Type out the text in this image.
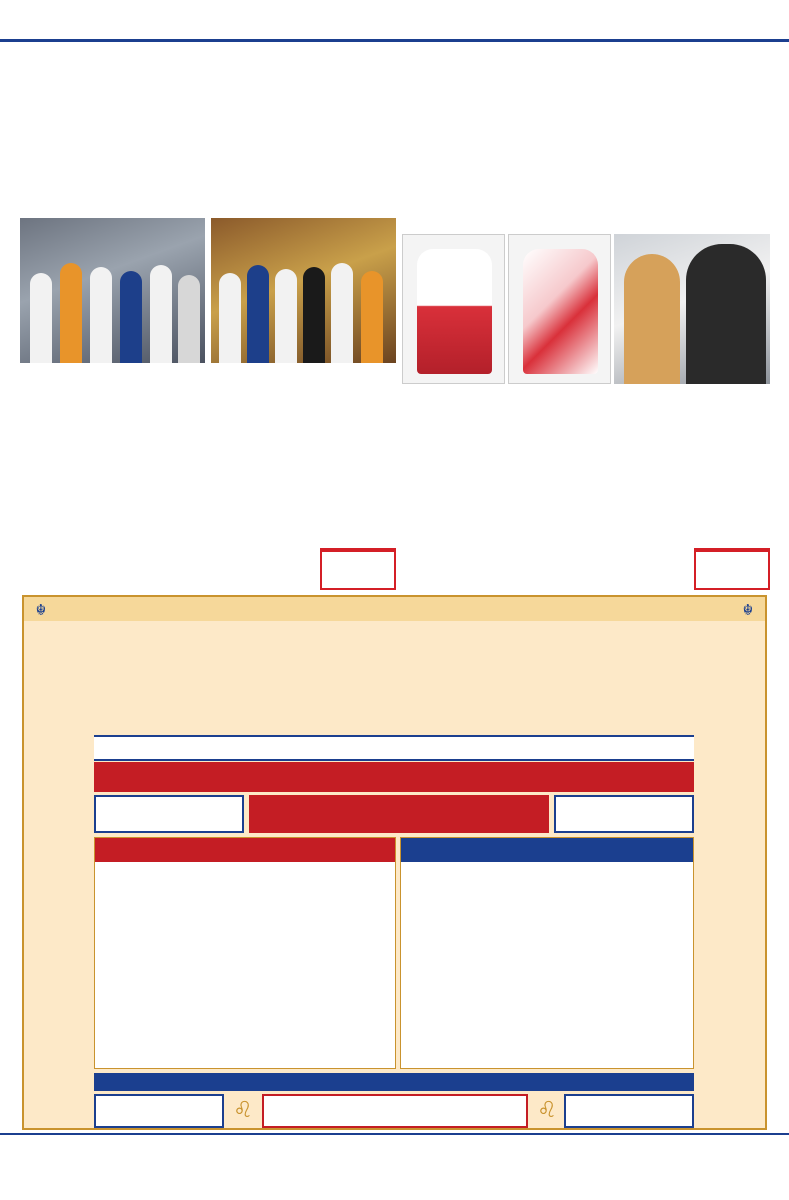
☬	☬
♌	♌
